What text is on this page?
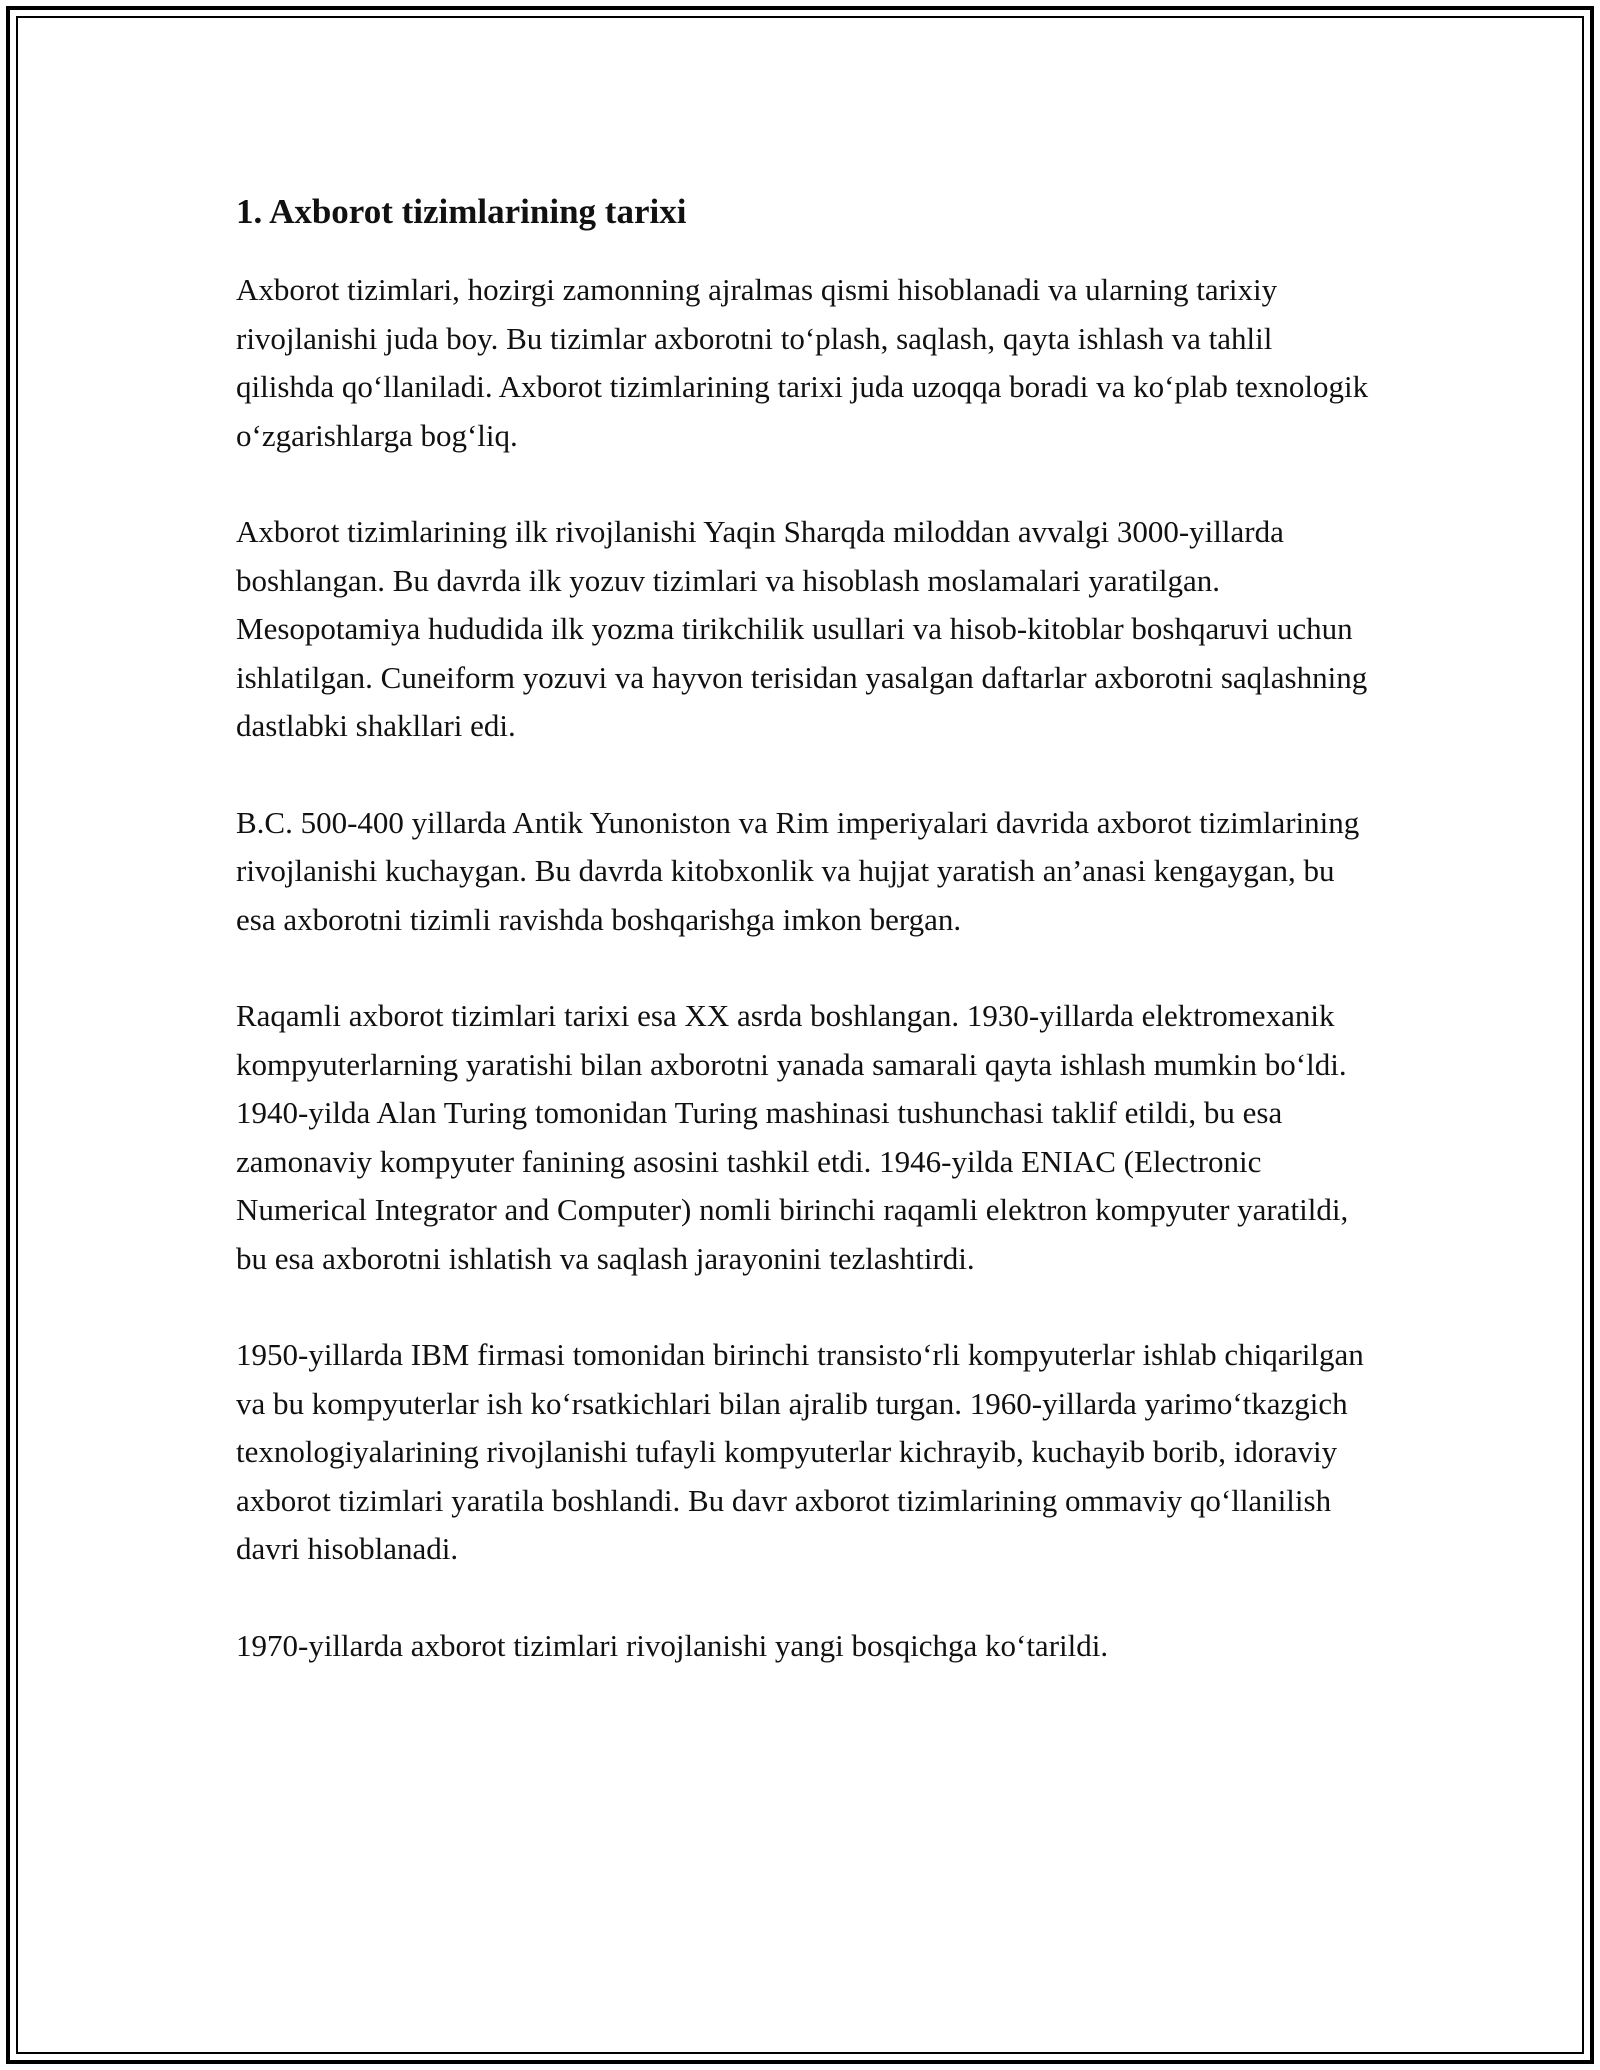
1. Axborot tizimlarining tarixi

Axborot tizimlari, hozirgi zamonning ajralmas qismi hisoblanadi va ularning tarixiy rivojlanishi juda boy. Bu tizimlar axborotni to‘plash, saqlash, qayta ishlash va tahlil qilishda qo‘llaniladi. Axborot tizimlarining tarixi juda uzoqqa boradi va ko‘plab texnologik o‘zgarishlarga bog‘liq.

Axborot tizimlarining ilk rivojlanishi Yaqin Sharqda miloddan avvalgi 3000-yillarda boshlangan. Bu davrda ilk yozuv tizimlari va hisoblash moslamalari yaratilgan. Mesopotamiya hududida ilk yozma tirikchilik usullari va hisob-kitoblar boshqaruvi uchun ishlatilgan. Cuneiform yozuvi va hayvon terisidan yasalgan daftarlar axborotni saqlashning dastlabki shakllari edi.

B.C. 500-400 yillarda Antik Yunoniston va Rim imperiyalari davrida axborot tizimlarining rivojlanishi kuchaygan. Bu davrda kitobxonlik va hujjat yaratish an’anasi kengaygan, bu esa axborotni tizimli ravishda boshqarishga imkon bergan.

Raqamli axborot tizimlari tarixi esa XX asrda boshlangan. 1930-yillarda elektromexanik kompyuterlarning yaratishi bilan axborotni yanada samarali qayta ishlash mumkin bo‘ldi. 1940-yilda Alan Turing tomonidan Turing mashinasi tushunchasi taklif etildi, bu esa zamonaviy kompyuter fanining asosini tashkil etdi. 1946-yilda ENIAC (Electronic Numerical Integrator and Computer) nomli birinchi raqamli elektron kompyuter yaratildi, bu esa axborotni ishlatish va saqlash jarayonini tezlashtirdi.

1950-yillarda IBM firmasi tomonidan birinchi transisto‘rli kompyuterlar ishlab chiqarilgan va bu kompyuterlar ish ko‘rsatkichlari bilan ajralib turgan. 1960-yillarda yarimo‘tkazgich texnologiyalarining rivojlanishi tufayli kompyuterlar kichrayib, kuchayib borib, idoraviy axborot tizimlari yaratila boshlandi. Bu davr axborot tizimlarining ommaviy qo‘llanilish davri hisoblanadi.

1970-yillarda axborot tizimlari rivojlanishi yangi bosqichga ko‘tarildi.
